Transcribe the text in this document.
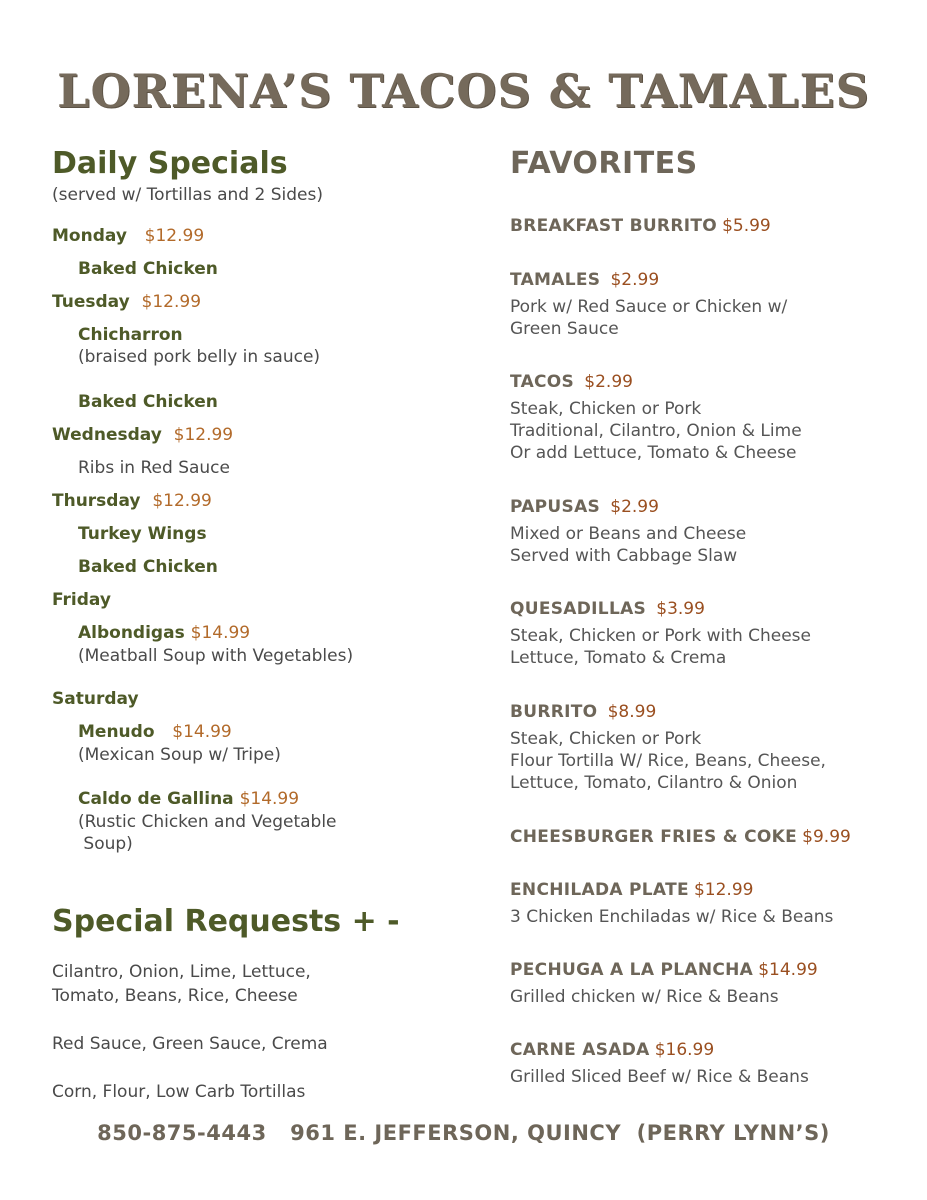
LORENA’S TACOS & TAMALES
Daily Specials
(served w/ Tortillas and 2 Sides)
Monday $12.99
Baked Chicken
Tuesday $12.99
Chicharron
(braised pork belly in sauce)
Baked Chicken
Wednesday $12.99
Ribs in Red Sauce
Thursday $12.99
Turkey Wings
Baked Chicken
Friday
Albondigas $14.99
(Meatball Soup with Vegetables)
Saturday
Menudo $14.99
(Mexican Soup w/ Tripe)
Caldo de Gallina $14.99
(Rustic Chicken and Vegetable
Soup)
Special Requests + -
Cilantro, Onion, Lime, Lettuce,
Tomato, Beans, Rice, Cheese
Red Sauce, Green Sauce, Crema
Corn, Flour, Low Carb Tortillas
FAVORITES
BREAKFAST BURRITO $5.99
TAMALES $2.99
Pork w/ Red Sauce or Chicken w/
Green Sauce
TACOS $2.99
Steak, Chicken or Pork
Traditional, Cilantro, Onion & Lime
Or add Lettuce, Tomato & Cheese
PAPUSAS $2.99
Mixed or Beans and Cheese
Served with Cabbage Slaw
QUESADILLAS $3.99
Steak, Chicken or Pork with Cheese
Lettuce, Tomato & Crema
BURRITO $8.99
Steak, Chicken or Pork
Flour Tortilla W/ Rice, Beans, Cheese,
Lettuce, Tomato, Cilantro & Onion
CHEESBURGER FRIES & COKE $9.99
ENCHILADA PLATE $12.99
3 Chicken Enchiladas w/ Rice & Beans
PECHUGA A LA PLANCHA $14.99
Grilled chicken w/ Rice & Beans
CARNE ASADA $16.99
Grilled Sliced Beef w/ Rice & Beans
850-875-4443   961 E. JEFFERSON, QUINCY  (PERRY LYNN’S)
